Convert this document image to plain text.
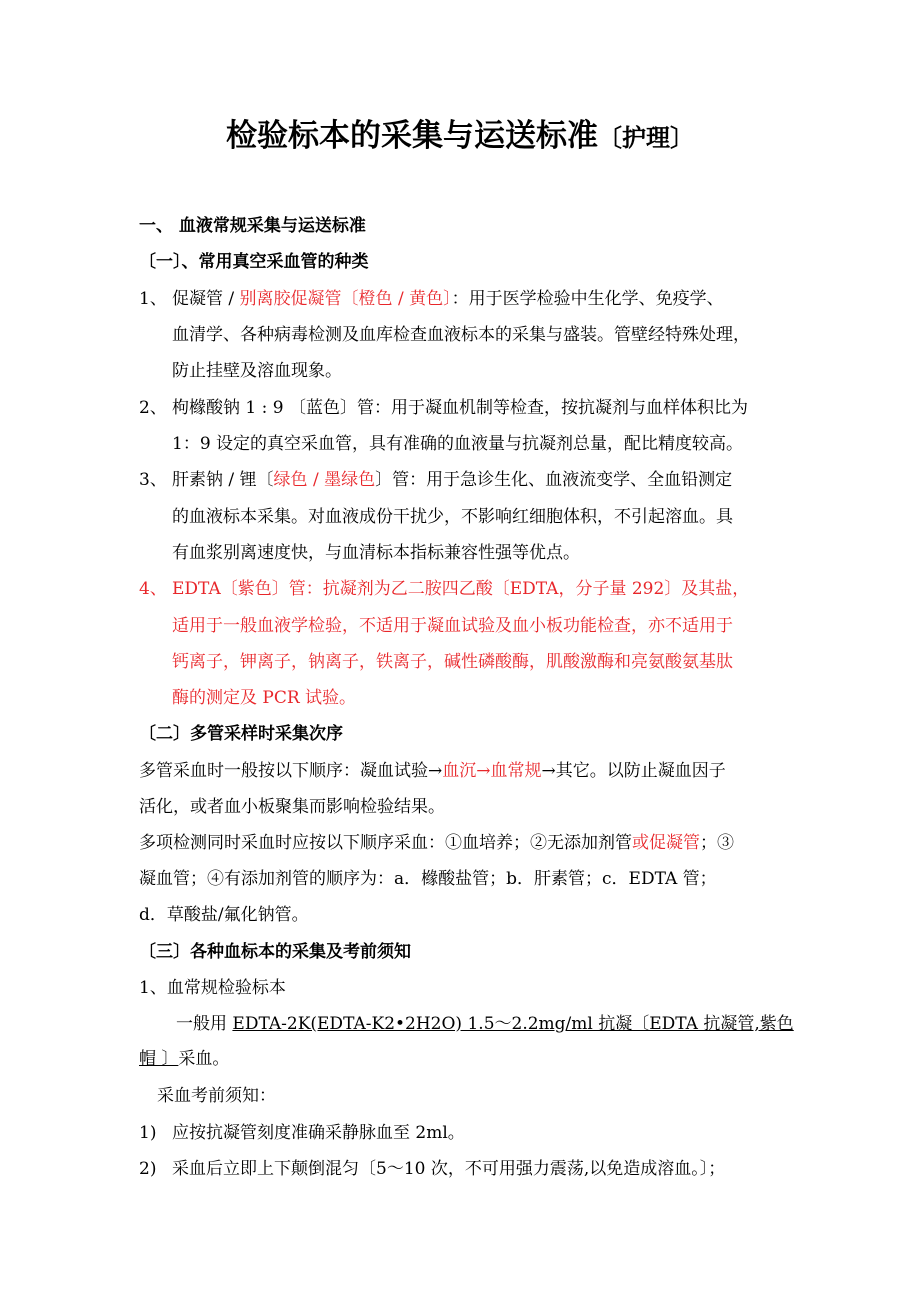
检验标本的采集与运送标准〔护理〕
一、 血液常规采集与运送标准
〔一〕、常用真空采血管的种类
1、 促凝管 / 别离胶促凝管〔橙色 / 黄色〕：用于医学检验中生化学、免疫学、
血清学、各种病毒检测及血库检查血液标本的采集与盛装。管壁经特殊处理，
防止挂壁及溶血现象。
2、 枸橼酸钠 1 : 9 〔蓝色〕管：用于凝血机制等检查，按抗凝剂与血样体积比为
1：9 设定的真空采血管，具有准确的血液量与抗凝剂总量，配比精度较高。
3、 肝素钠 / 锂〔绿色 / 墨绿色〕管：用于急诊生化、血液流变学、全血铅测定
的血液标本采集。对血液成份干扰少，不影响红细胞体积，不引起溶血。具
有血浆别离速度快，与血清标本指标兼容性强等优点。
4、 EDTA〔紫色〕管：抗凝剂为乙二胺四乙酸〔EDTA，分子量 292〕及其盐，
适用于一般血液学检验，不适用于凝血试验及血小板功能检查，亦不适用于
钙离子，钾离子，钠离子，铁离子，碱性磷酸酶，肌酸激酶和亮氨酸氨基肽
酶的测定及 PCR 试验。
〔二〕多管采样时采集次序
多管采血时一般按以下顺序：凝血试验→血沉→血常规→其它。以防止凝血因子
活化，或者血小板聚集而影响检验结果。
多项检测同时采血时应按以下顺序采血：①血培养；②无添加剂管或促凝管；③
凝血管；④有添加剂管的顺序为：a．橼酸盐管；b．肝素管；c．EDTA 管；
d．草酸盐/氟化钠管。
〔三〕各种血标本的采集及考前须知
1、血常规检验标本
一般用 EDTA-2K(EDTA-K2•2H2O) 1.5～2.2mg/ml 抗凝〔EDTA 抗凝管,紫色
帽 〕采血。
采血考前须知：
1) 应按抗凝管刻度准确采静脉血至 2ml。
2) 采血后立即上下颠倒混匀〔5～10 次，不可用强力震荡,以免造成溶血。〕；
